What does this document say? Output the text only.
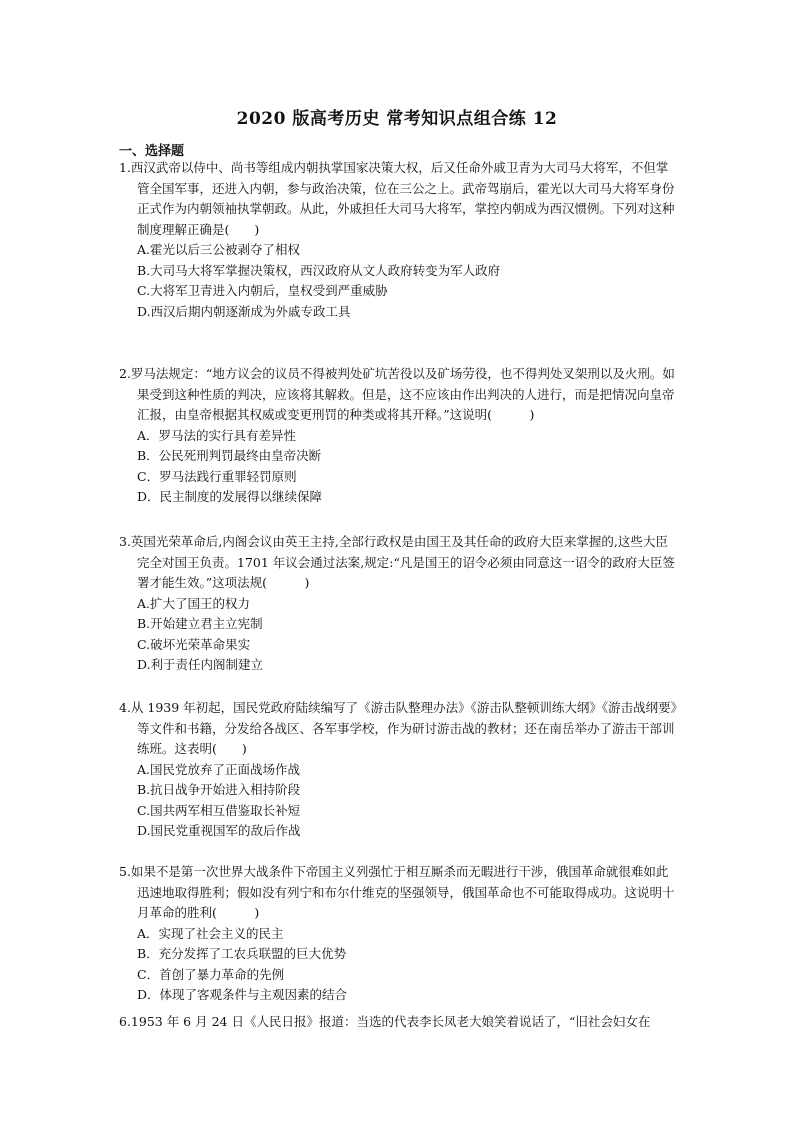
2020 版高考历史 常考知识点组合练 12
一、选择题

1.西汉武帝以侍中、尚书等组成内朝执掌国家决策大权，后又任命外戚卫青为大司马大将军，不但掌管全国军事，还进入内朝，参与政治决策，位在三公之上。武帝驾崩后，霍光以大司马大将军身份正式作为内朝领袖执掌朝政。从此，外戚担任大司马大将军，掌控内朝成为西汉惯例。下列对这种制度理解正确是(　　)

A.霍光以后三公被剥夺了相权

B.大司马大将军掌握决策权，西汉政府从文人政府转变为军人政府

C.大将军卫青进入内朝后，皇权受到严重威胁

D.西汉后期内朝逐渐成为外戚专政工具

2.罗马法规定：“地方议会的议员不得被判处矿坑苦役以及矿场劳役，也不得判处叉架刑以及火刑。如果受到这种性质的判决，应该将其解救。但是，这不应该由作出判决的人进行，而是把情况向皇帝汇报，由皇帝根据其权威或变更刑罚的种类或将其开释。”这说明(　　　)

A．罗马法的实行具有差异性

B．公民死刑判罚最终由皇帝决断

C．罗马法践行重罪轻罚原则

D．民主制度的发展得以继续保障

3.英国光荣革命后,内阁会议由英王主持,全部行政权是由国王及其任命的政府大臣来掌握的,这些大臣完全对国王负责。1701 年议会通过法案,规定:“凡是国王的诏令必须由同意这一诏令的政府大臣签署才能生效。”这项法规(　　　)

A.扩大了国王的权力

B.开始建立君主立宪制

C.破坏光荣革命果实

D.利于责任内阁制建立

4.从 1939 年初起，国民党政府陆续编写了《游击队整理办法》《游击队整顿训练大纲》《游击战纲要》等文件和书籍，分发给各战区、各军事学校，作为研讨游击战的教材；还在南岳举办了游击干部训练班。这表明(　　)

A.国民党放弃了正面战场作战

B.抗日战争开始进入相持阶段

C.国共两军相互借鉴取长补短

D.国民党重视国军的敌后作战

5.如果不是第一次世界大战条件下帝国主义列强忙于相互厮杀而无暇进行干涉，俄国革命就很难如此迅速地取得胜利；假如没有列宁和布尔什维克的坚强领导，俄国革命也不可能取得成功。这说明十月革命的胜利(　　　)

A．实现了社会主义的民主

B．充分发挥了工农兵联盟的巨大优势

C．首创了暴力革命的先例

D．体现了客观条件与主观因素的结合

6.1953 年 6 月 24 日《人民日报》报道：当选的代表李长凤老大娘笑着说话了，“旧社会妇女在
